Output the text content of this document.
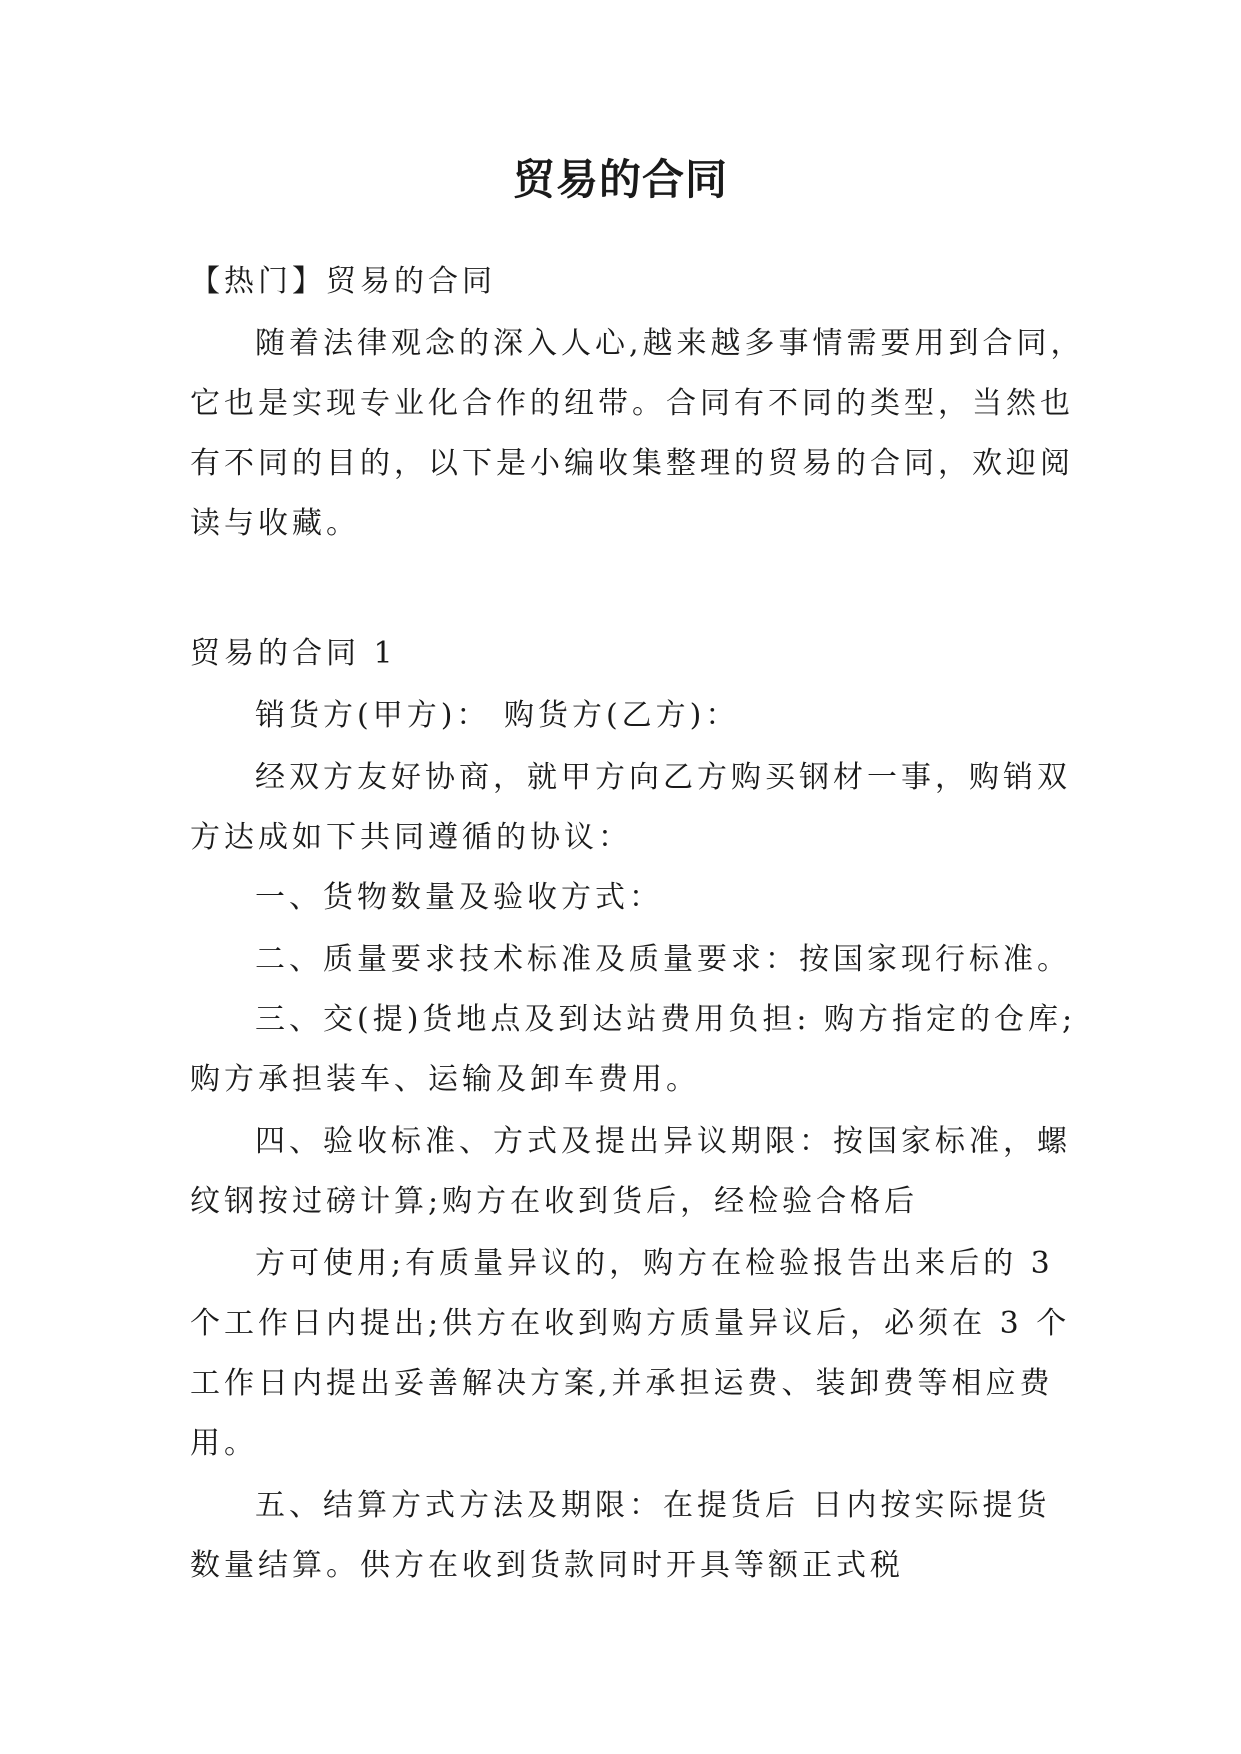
贸易的合同
【热门】贸易的合同
随着法律观念的深入人心,越来越多事情需要用到合同，
它也是实现专业化合作的纽带。合同有不同的类型，当然也
有不同的目的，以下是小编收集整理的贸易的合同，欢迎阅
读与收藏。
贸易的合同 1
销货方(甲方)： 购货方(乙方)：
经双方友好协商，就甲方向乙方购买钢材一事，购销双
方达成如下共同遵循的协议：
一、货物数量及验收方式：
二、质量要求技术标准及质量要求：按国家现行标准。
三、交(提)货地点及到达站费用负担: 购方指定的仓库;
购方承担装车、运输及卸车费用。
四、验收标准、方式及提出异议期限：按国家标准，螺
纹钢按过磅计算;购方在收到货后，经检验合格后
方可使用;有质量异议的，购方在检验报告出来后的 3
个工作日内提出;供方在收到购方质量异议后，必须在 3 个
工作日内提出妥善解决方案,并承担运费、装卸费等相应费
用。
五、结算方式方法及期限：在提货后 日内按实际提货
数量结算。供方在收到货款同时开具等额正式税
